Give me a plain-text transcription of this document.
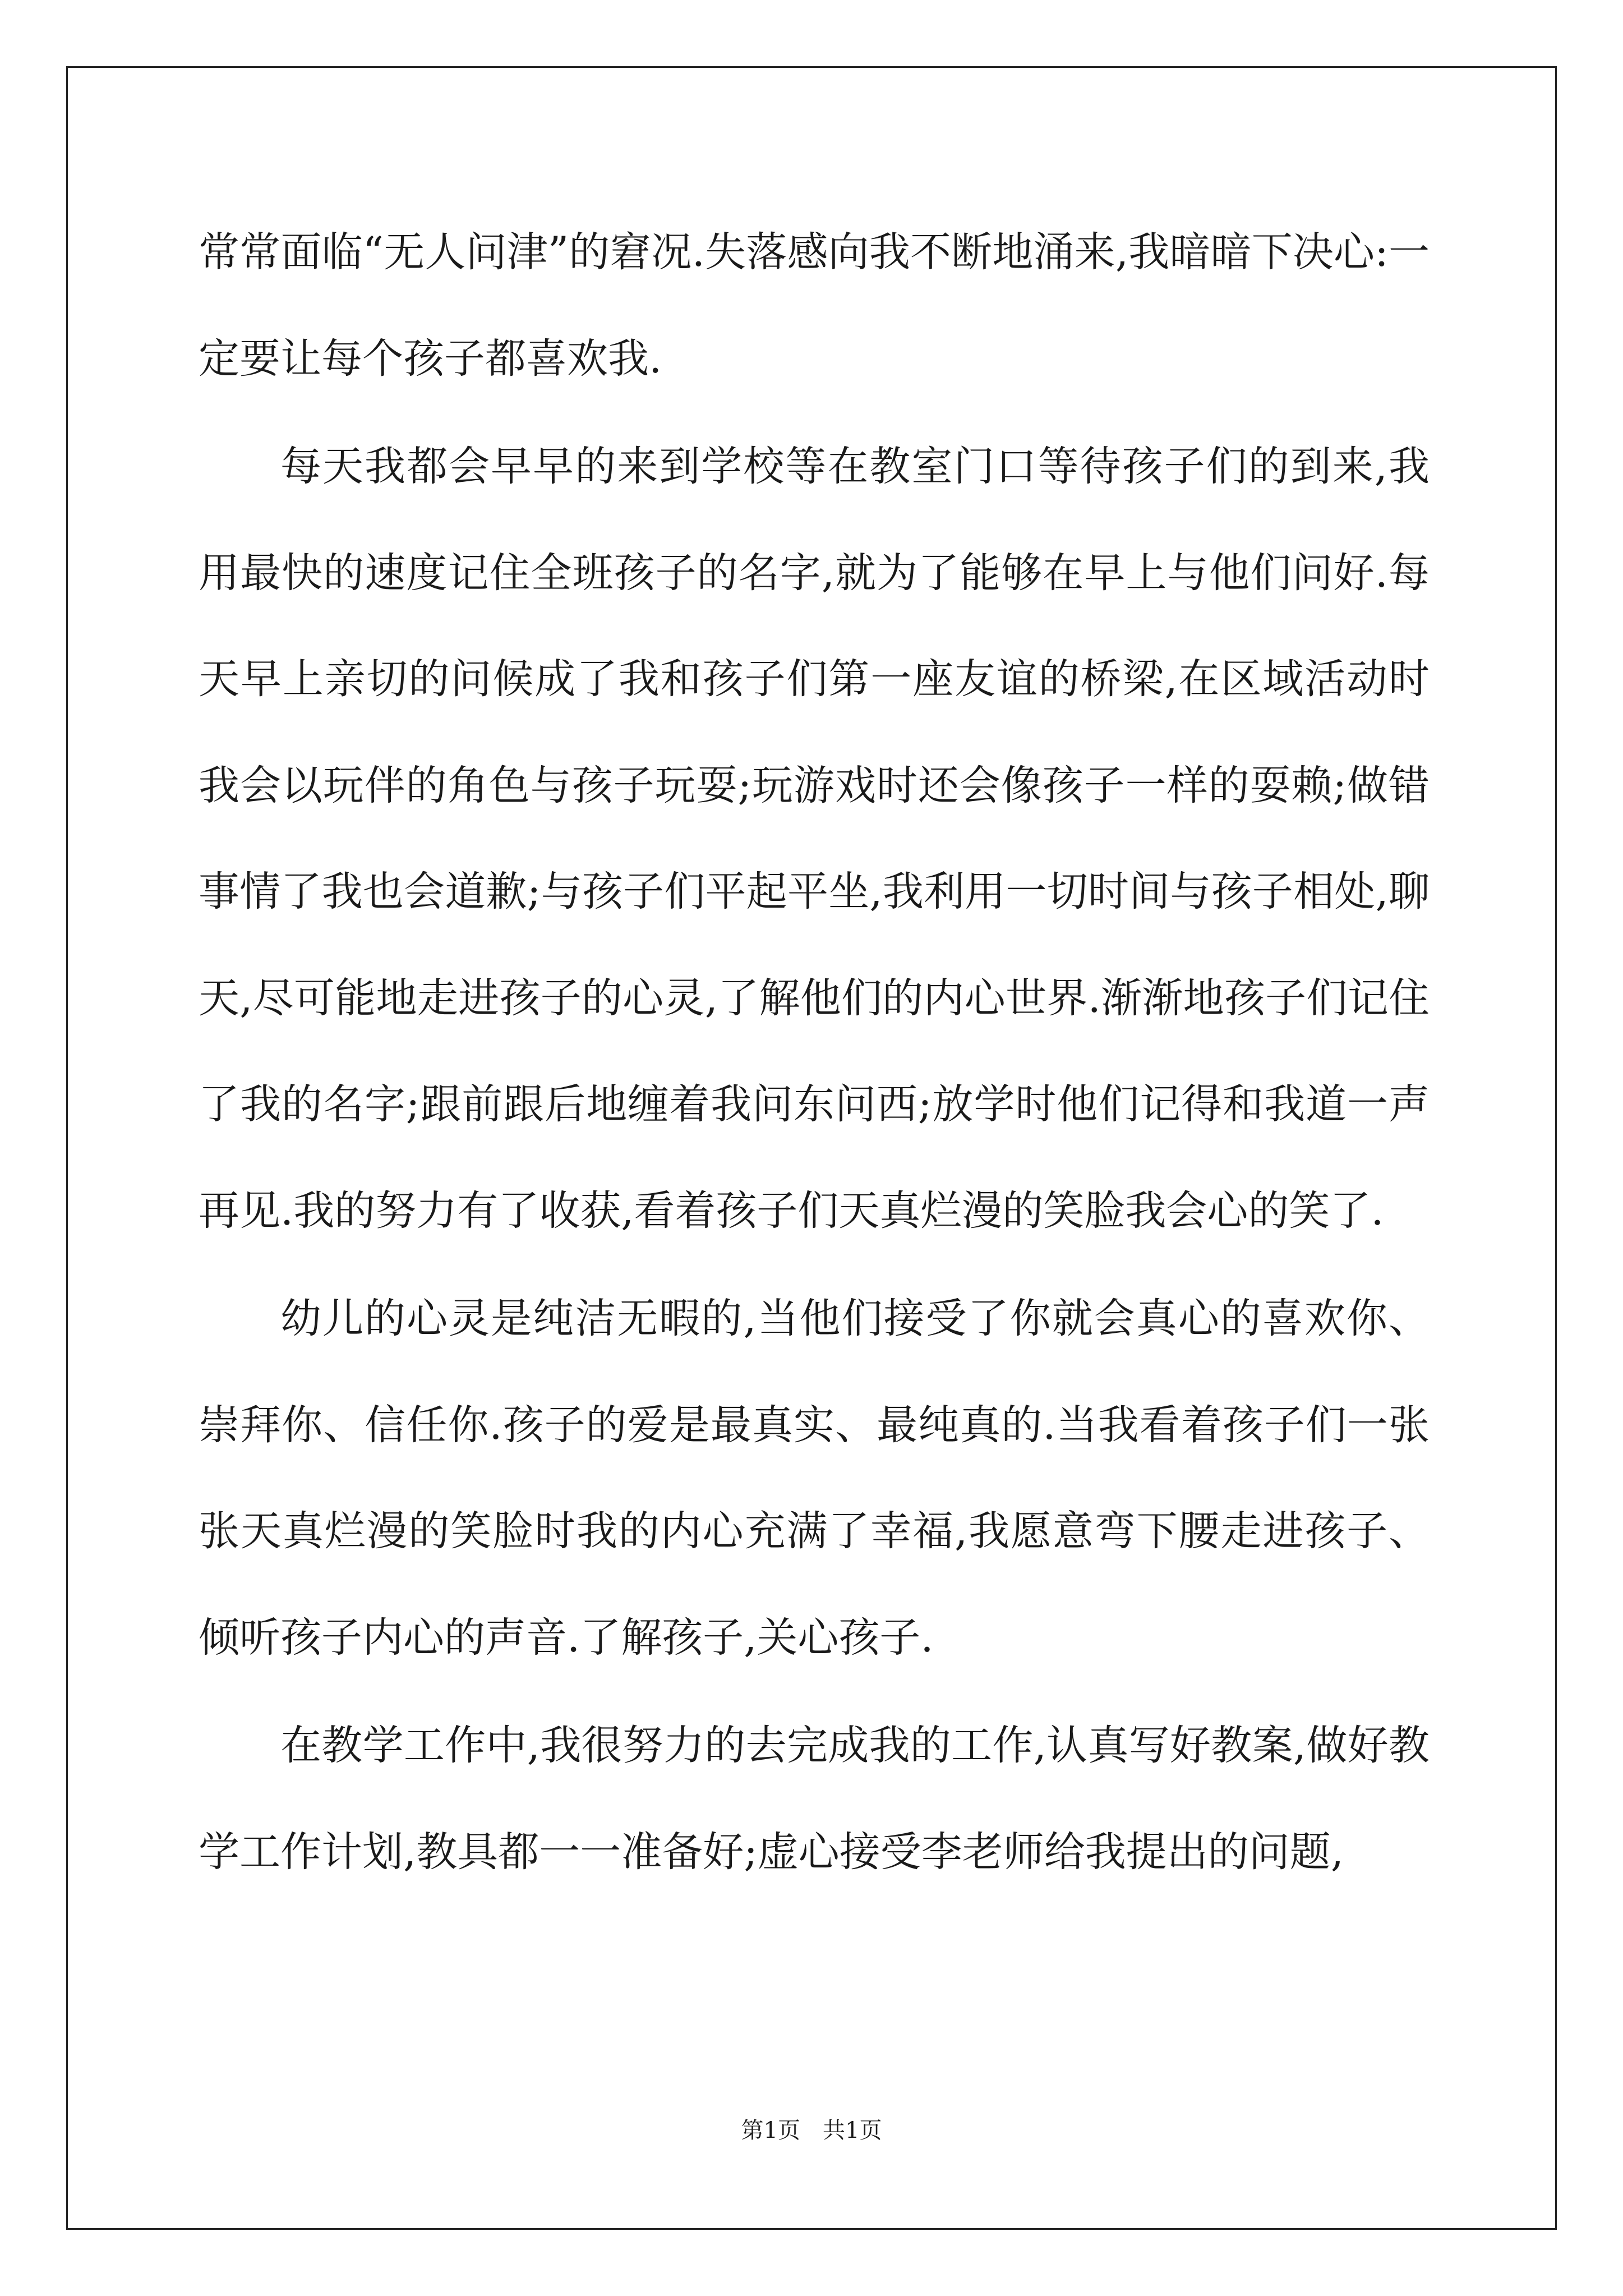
常常面临“无人问津”的窘况.失落感向我不断地涌来,我暗暗下决心:一定要让每个孩子都喜欢我.

每天我都会早早的来到学校等在教室门口等待孩子们的到来,我用最快的速度记住全班孩子的名字,就为了能够在早上与他们问好.每天早上亲切的问候成了我和孩子们第一座友谊的桥梁,在区域活动时我会以玩伴的角色与孩子玩耍;玩游戏时还会像孩子一样的耍赖;做错事情了我也会道歉;与孩子们平起平坐,我利用一切时间与孩子相处,聊天,尽可能地走进孩子的心灵,了解他们的内心世界.渐渐地孩子们记住了我的名字;跟前跟后地缠着我问东问西;放学时他们记得和我道一声再见.我的努力有了收获,看着孩子们天真烂漫的笑脸我会心的笑了.

幼儿的心灵是纯洁无暇的,当他们接受了你就会真心的喜欢你、崇拜你、信任你.孩子的爱是最真实、最纯真的.当我看着孩子们一张张天真烂漫的笑脸时我的内心充满了幸福,我愿意弯下腰走进孩子、倾听孩子内心的声音.了解孩子,关心孩子.

在教学工作中,我很努力的去完成我的工作,认真写好教案,做好教学工作计划,教具都一一准备好;虚心接受李老师给我提出的问题,

第1页　共1页
